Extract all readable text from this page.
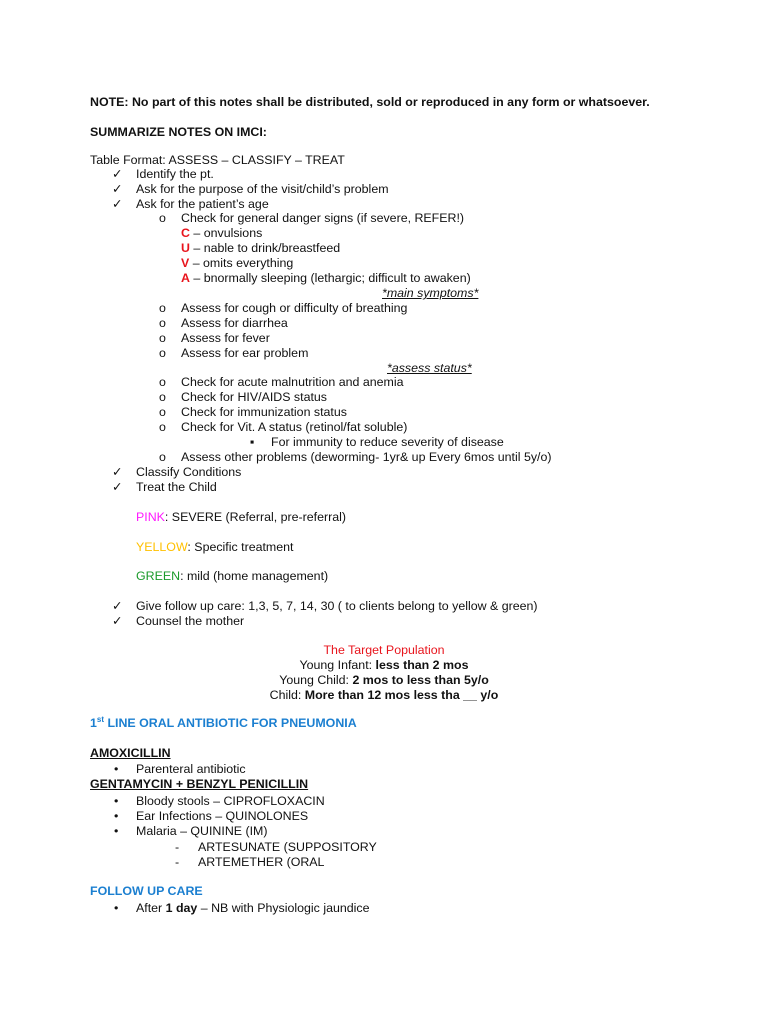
NOTE: No part of this notes shall be distributed, sold or reproduced in any form or whatsoever.
SUMMARIZE NOTES ON IMCI:
Table Format: ASSESS – CLASSIFY – TREAT
✓ Identify the pt.
✓ Ask for the purpose of the visit/child’s problem
✓ Ask for the patient’s age
o Check for general danger signs (if severe, REFER!)
C – onvulsions
U – nable to drink/breastfeed
V – omits everything
A – bnormally sleeping (lethargic; difficult to awaken)
*main symptoms*
o Assess for cough or difficulty of breathing
o Assess for diarrhea
o Assess for fever
o Assess for ear problem
*assess status*
o Check for acute malnutrition and anemia
o Check for HIV/AIDS status
o Check for immunization status
o Check for Vit. A status (retinol/fat soluble)
▪ For immunity to reduce severity of disease
o Assess other problems (deworming- 1yr& up Every 6mos until 5y/o)
✓ Classify Conditions
✓ Treat the Child
PINK: SEVERE (Referral, pre-referral)
YELLOW: Specific treatment
GREEN: mild (home management)
✓ Give follow up care: 1,3, 5, 7, 14, 30 ( to clients belong to yellow & green)
✓ Counsel the mother
The Target Population
Young Infant: less than 2 mos
Young Child: 2 mos to less than 5y/o
Child: More than 12 mos less tha __ y/o
1st LINE ORAL ANTIBIOTIC FOR PNEUMONIA
AMOXICILLIN
• Parenteral antibiotic
GENTAMYCIN + BENZYL PENICILLIN
• Bloody stools – CIPROFLOXACIN
• Ear Infections – QUINOLONES
• Malaria – QUININE (IM)
- ARTESUNATE (SUPPOSITORY
- ARTEMETHER (ORAL
FOLLOW UP CARE
• After 1 day – NB with Physiologic jaundice
